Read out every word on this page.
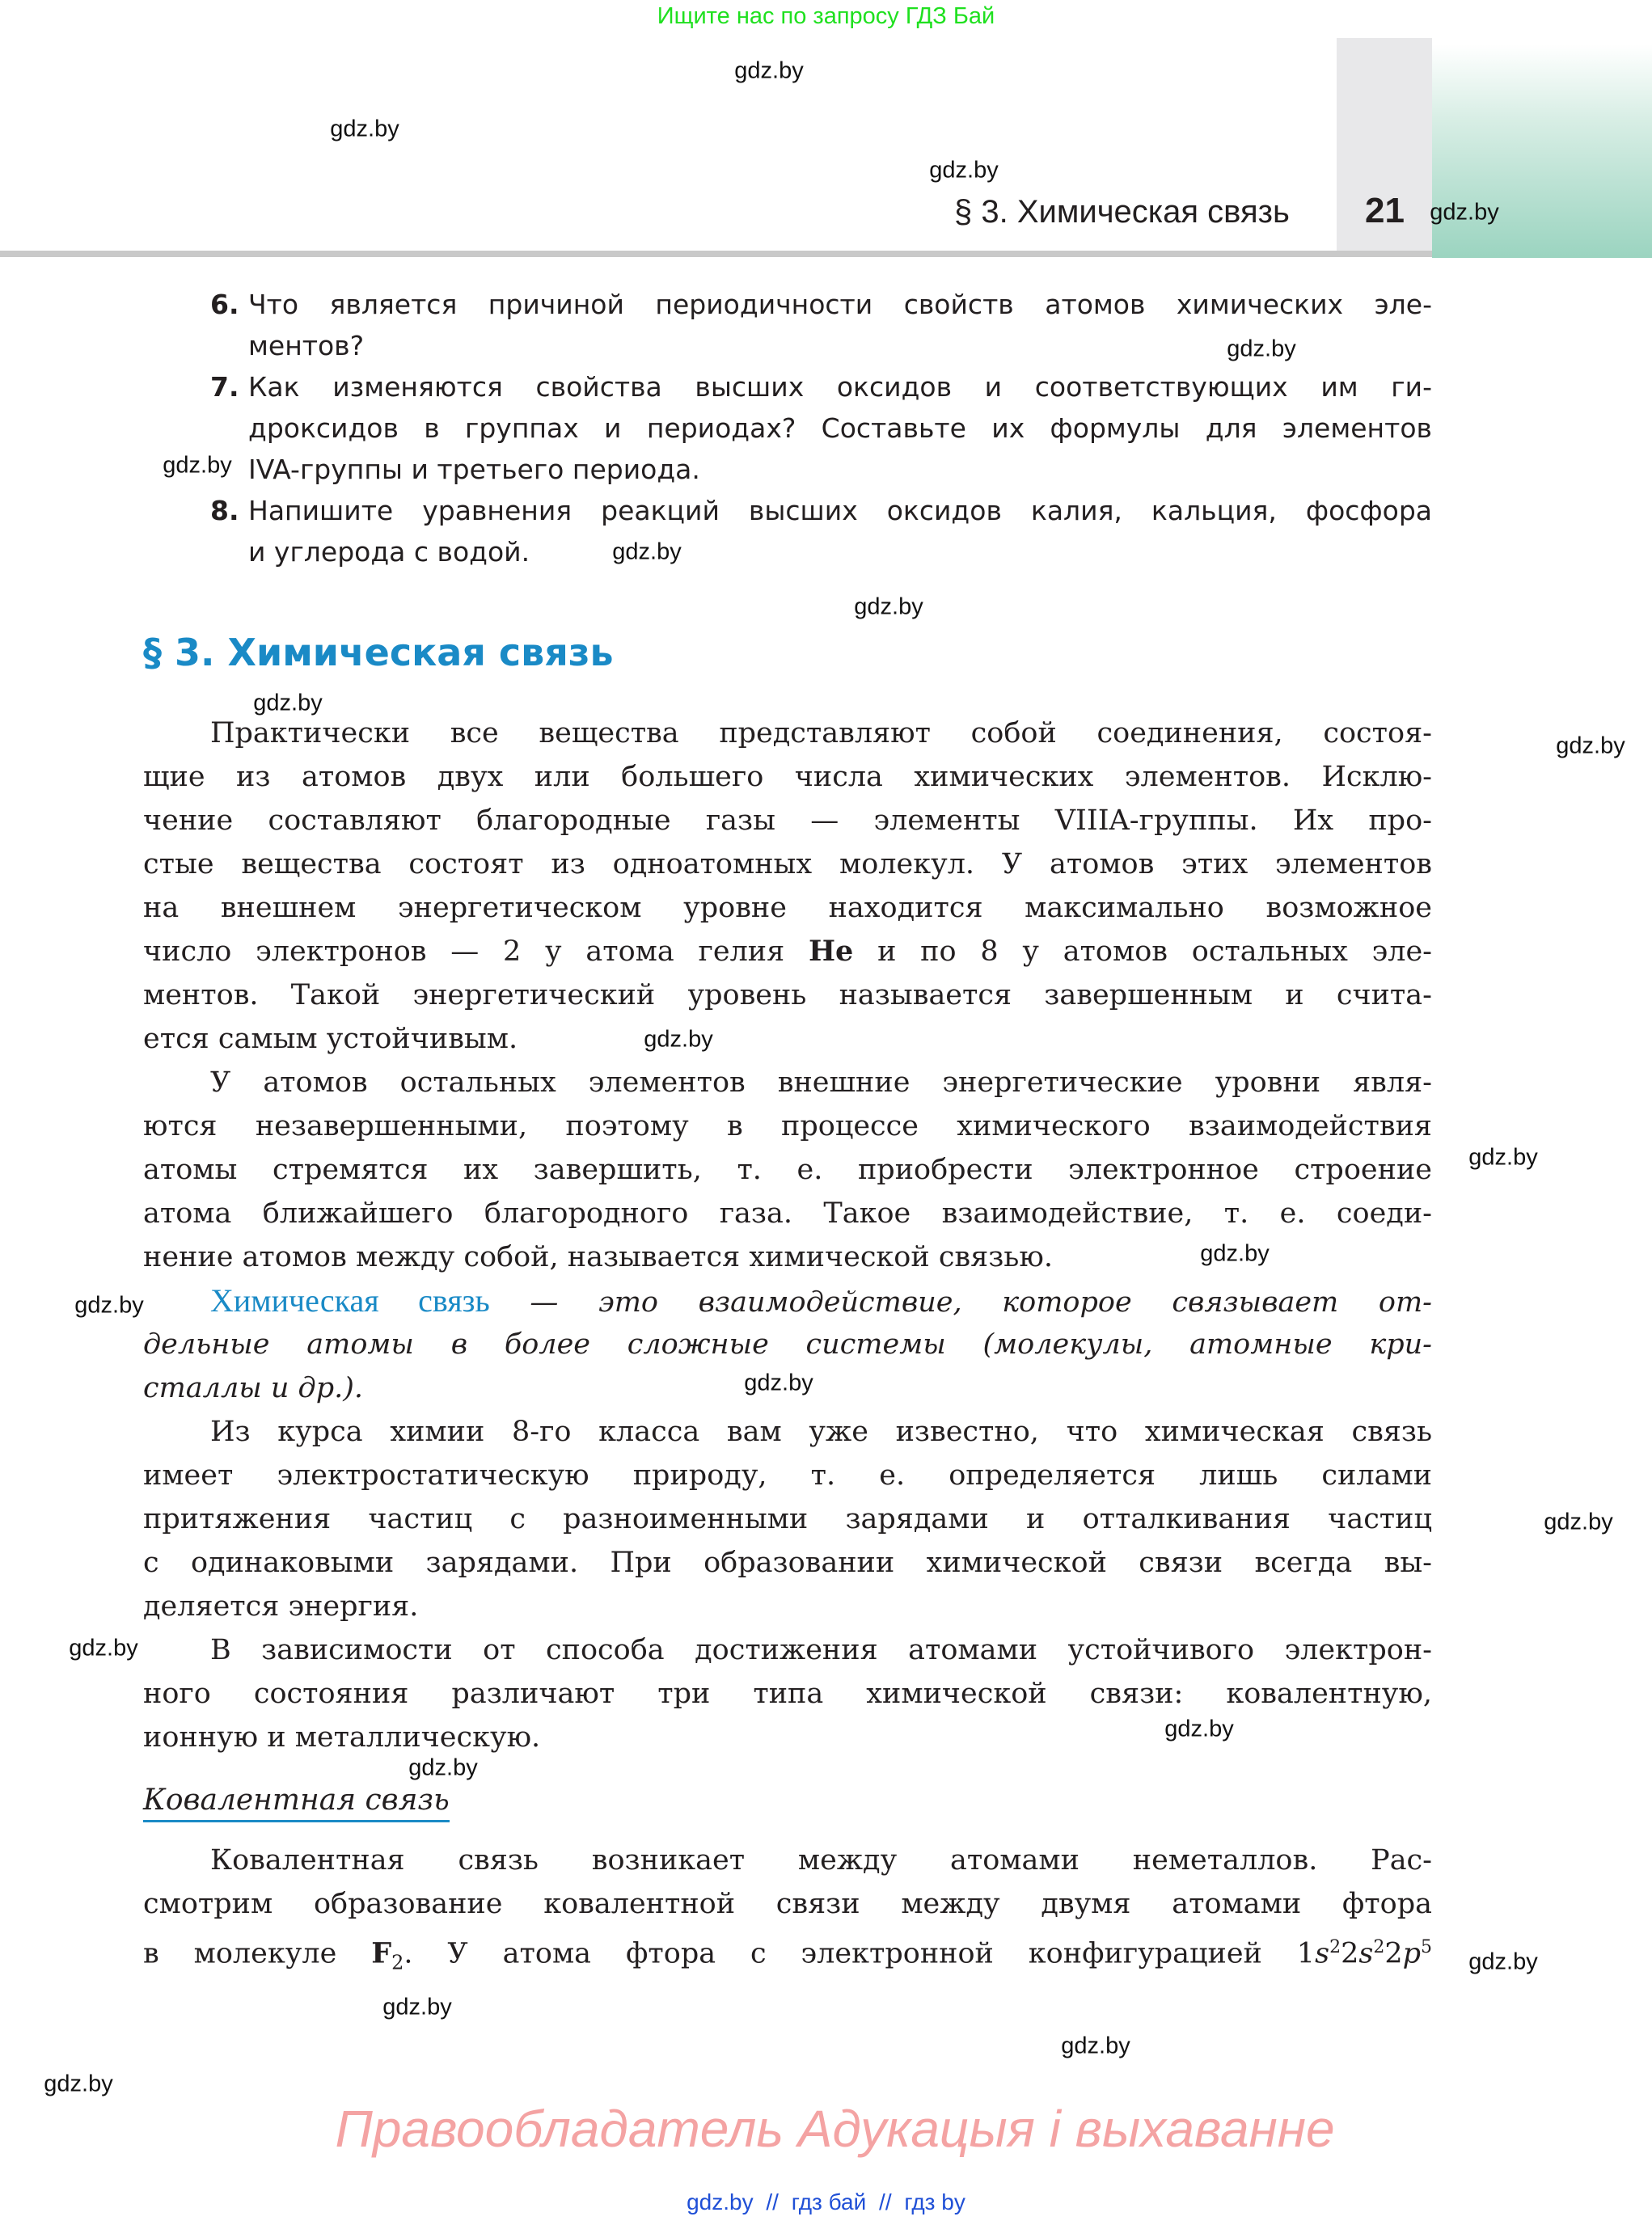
Ищите нас по запросу ГДЗ Бай
§ 3. Химическая связь 21
6. Что является причиной периодичности свойств атомов химических эле-
ментов?
7. Как изменяются свойства высших оксидов и соответствующих им ги-
дроксидов в группах и периодах? Составьте их формулы для элементов
IVA-группы и третьего периода.
8. Напишите уравнения реакций высших оксидов калия, кальция, фосфора
и углерода с водой.
§ 3. Химическая связь
Практически все вещества представляют собой соединения, состоя-
щие из атомов двух или большего числа химических элементов. Исклю-
чение составляют благородные газы — элементы VIIIA-группы. Их про-
стые вещества состоят из одноатомных молекул. У атомов этих элементов
на внешнем энергетическом уровне находится максимально возможное
число электронов — 2 у атома гелия He и по 8 у атомов остальных эле-
ментов. Такой энергетический уровень называется завершенным и счита-
ется самым устойчивым.
У атомов остальных элементов внешние энергетические уровни явля-
ются незавершенными, поэтому в процессе химического взаимодействия
атомы стремятся их завершить, т. е. приобрести электронное строение
атома ближайшего благородного газа. Такое взаимодействие, т. е. соеди-
нение атомов между собой, называется химической связью.
Химическая связь — это взаимодействие, которое связывает от-
дельные атомы в более сложные системы (молекулы, атомные кри-
сталлы и др.).
Из курса химии 8-го класса вам уже известно, что химическая связь
имеет электростатическую природу, т. е. определяется лишь силами
притяжения частиц с разноименными зарядами и отталкивания частиц
с одинаковыми зарядами. При образовании химической связи всегда вы-
деляется энергия.
В зависимости от способа достижения атомами устойчивого электрон-
ного состояния различают три типа химической связи: ковалентную,
ионную и металлическую.
Ковалентная связь
Ковалентная связь возникает между атомами неметаллов. Рас-
смотрим образование ковалентной связи между двумя атомами фтора
в молекуле $F_2$. У атома фтора с электронной конфигурацией $1s^22s^22p^5$
Правообладатель Адукацыя і выхаванне
gdz.by // гдз бай // гдз by
gdz.by
gdz.by
gdz.by
gdz.by
gdz.by
gdz.by
gdz.by
gdz.by
gdz.by
gdz.by
gdz.by
gdz.by
gdz.by
gdz.by
gdz.by
gdz.by
gdz.by
gdz.by
gdz.by
gdz.by
gdz.by
gdz.by
gdz.by
